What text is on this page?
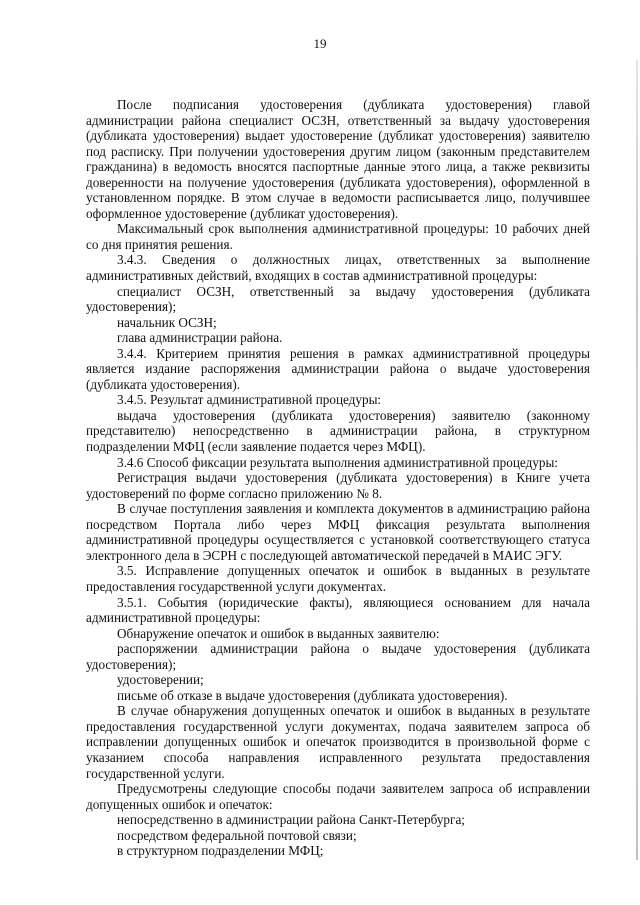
19

После подписания удостоверения (дубликата удостоверения) главой администрации района специалист ОСЗН, ответственный за выдачу удостоверения (дубликата удостоверения) выдает удостоверение (дубликат удостоверения) заявителю под расписку. При получении удостоверения другим лицом (законным представителем гражданина) в ведомость вносятся паспортные данные этого лица, а также реквизиты доверенности на получение удостоверения (дубликата удостоверения), оформленной в установленном порядке. В этом случае в ведомости расписывается лицо, получившее оформленное удостоверение (дубликат удостоверения).

Максимальный срок выполнения административной процедуры: 10 рабочих дней со дня принятия решения.

3.4.3. Сведения о должностных лицах, ответственных за выполнение административных действий, входящих в состав административной процедуры:

специалист ОСЗН, ответственный за выдачу удостоверения (дубликата удостоверения);

начальник ОСЗН;

глава администрации района.

3.4.4. Критерием принятия решения в рамках административной процедуры является издание распоряжения администрации района о выдаче удостоверения (дубликата удостоверения).

3.4.5. Результат административной процедуры:

выдача удостоверения (дубликата удостоверения) заявителю (законному представителю) непосредственно в администрации района, в структурном подразделении МФЦ (если заявление подается через МФЦ).

3.4.6 Способ фиксации результата выполнения административной процедуры:

Регистрация выдачи удостоверения (дубликата удостоверения) в Книге учета удостоверений по форме согласно приложению № 8.

В случае поступления заявления и комплекта документов в администрацию района посредством Портала либо через МФЦ фиксация результата выполнения административной процедуры осуществляется с установкой соответствующего статуса электронного дела в ЭСРН с последующей автоматической передачей в МАИС ЭГУ.

3.5. Исправление допущенных опечаток и ошибок в выданных в результате предоставления государственной услуги документах.

3.5.1. События (юридические факты), являющиеся основанием для начала административной процедуры:

Обнаружение опечаток и ошибок в выданных заявителю:

распоряжении администрации района о выдаче удостоверения (дубликата удостоверения);

удостоверении;

письме об отказе в выдаче удостоверения (дубликата удостоверения).

В случае обнаружения допущенных опечаток и ошибок в выданных в результате предоставления государственной услуги документах, подача заявителем запроса об исправлении допущенных ошибок и опечаток производится в произвольной форме с указанием способа направления исправленного результата предоставления государственной услуги.

Предусмотрены следующие способы подачи заявителем запроса об исправлении допущенных ошибок и опечаток:

непосредственно в администрации района Санкт-Петербурга;

посредством федеральной почтовой связи;

в структурном подразделении МФЦ;
